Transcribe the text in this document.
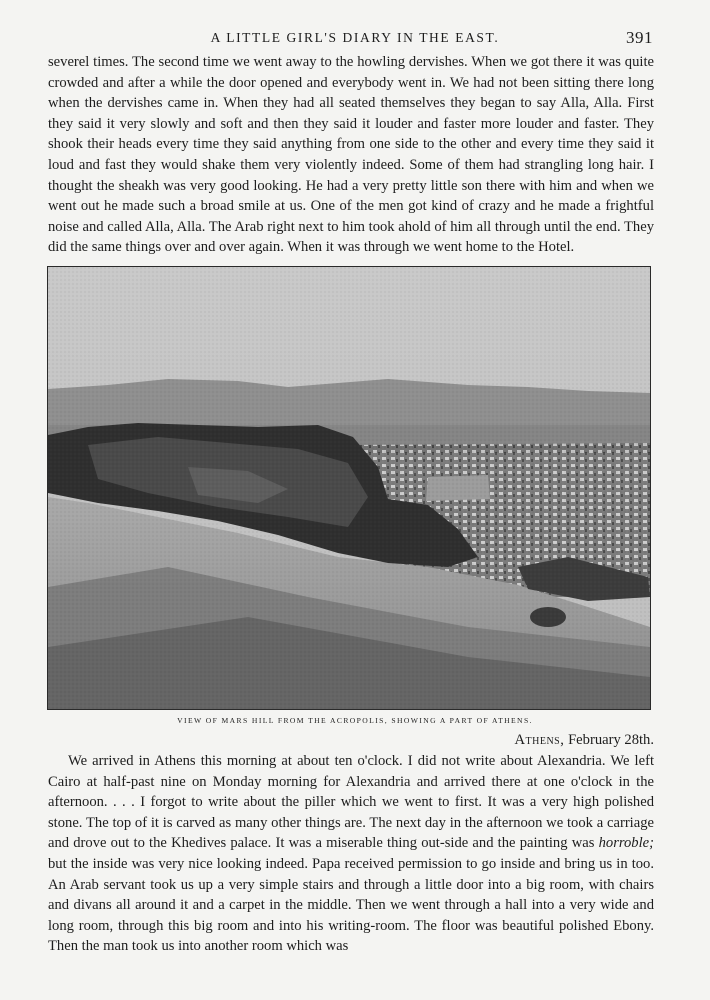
A LITTLE GIRL'S DIARY IN THE EAST.	391

severel times. The second time we went away to the howling dervishes. When we got there it was quite crowded and after a while the door opened and everybody went in. We had not been sitting there long when the dervishes came in. When they had all seated themselves they began to say Alla, Alla. First they said it very slowly and soft and then they said it louder and faster more louder and faster. They shook their heads every time they said anything from one side to the other and every time they said it loud and fast they would shake them very violently indeed. Some of them had strangling long hair. I thought the sheakh was very good looking. He had a very pretty little son there with him and when we went out he made such a broad smile at us. One of the men got kind of crazy and he made a frightful noise and called Alla, Alla. The Arab right next to him took ahold of him all through until the end. They did the same things over and over again. When it was through we went home to the Hotel.

VIEW OF MARS HILL FROM THE ACROPOLIS, SHOWING A PART OF ATHENS.
Athens, February 28th.

We arrived in Athens this morning at about ten o'clock. I did not write about Alexandria. We left Cairo at half-past nine on Monday morning for Alexandria and arrived there at one o'clock in the afternoon. . . . I forgot to write about the piller which we went to first. It was a very high polished stone. The top of it is carved as many other things are. The next day in the afternoon we took a carriage and drove out to the Khedives palace. It was a miserable thing out-side and the painting was horroble; but the inside was very nice looking indeed. Papa received permission to go inside and bring us in too. An Arab servant took us up a very simple stairs and through a little door into a big room, with chairs and divans all around it and a carpet in the middle. Then we went through a hall into a very wide and long room, through this big room and into his writing-room. The floor was beautiful polished Ebony. Then the man took us into another room which was
